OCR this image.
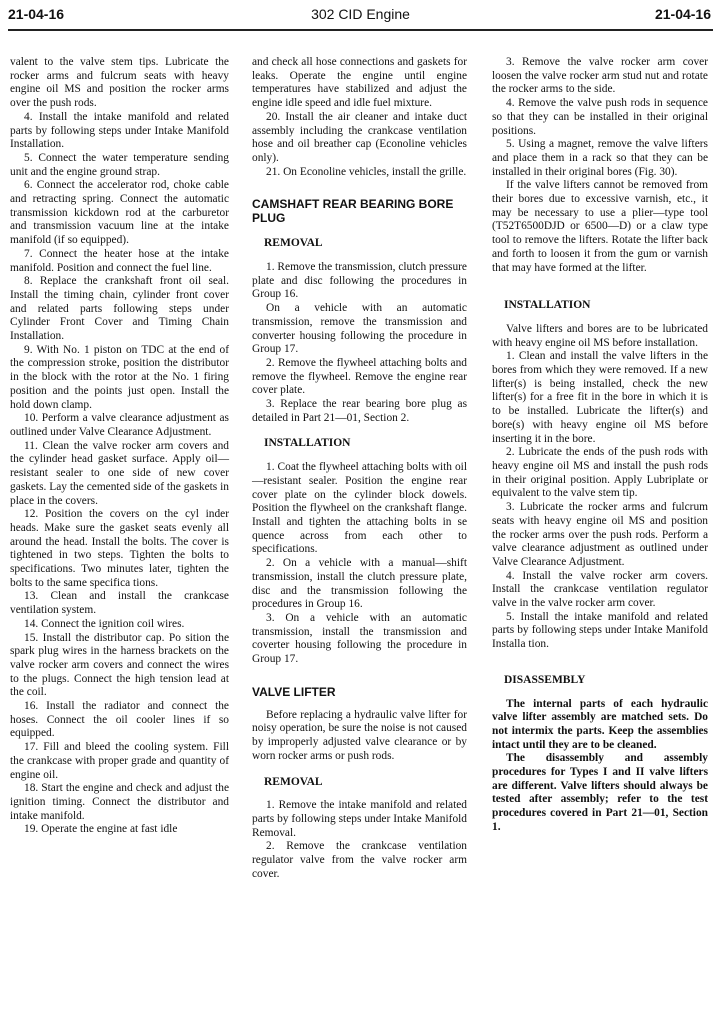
21-04-16	302 CID Engine	21-04-16

valent to the valve stem tips. Lubricate the rocker arms and fulcrum seats with heavy engine oil MS and position the rocker arms over the push rods.

4. Install the intake manifold and related parts by following steps under Intake Manifold Installation.

5. Connect the water temperature sending unit and the engine ground strap.

6. Connect the accelerator rod, choke cable and retracting spring. Connect the automatic transmission kickdown rod at the carburetor and transmission vacuum line at the intake manifold (if so equipped).

7. Connect the heater hose at the intake manifold. Position and connect the fuel line.

8. Replace the crankshaft front oil seal. Install the timing chain, cylinder front cover and related parts following steps under Cylinder Front Cover and Timing Chain Installation.

9. With No. 1 piston on TDC at the end of the compression stroke, position the distributor in the block with the rotor at the No. 1 firing position and the points just open. Install the hold down clamp.

10. Perform a valve clearance adjustment as outlined under Valve Clearance Adjustment.

11. Clean the valve rocker arm covers and the cylinder head gasket surface. Apply oil—resistant sealer to one side of new cover gaskets. Lay the cemented side of the gaskets in place in the covers.

12. Position the covers on the cyl inder heads. Make sure the gasket seats evenly all around the head. Install the bolts. The cover is tightened in two steps. Tighten the bolts to specifications. Two minutes later, tighten the bolts to the same specifica tions.

13. Clean and install the crankcase ventilation system.

14. Connect the ignition coil wires.

15. Install the distributor cap. Po sition the spark plug wires in the harness brackets on the valve rocker arm covers and connect the wires to the plugs. Connect the high tension lead at the coil.

16. Install the radiator and connect the hoses. Connect the oil cooler lines if so equipped.

17. Fill and bleed the cooling system. Fill the crankcase with proper grade and quantity of engine oil.

18. Start the engine and check and adjust the ignition timing. Connect the distributor and intake manifold.

19. Operate the engine at fast idle

and check all hose connections and gaskets for leaks. Operate the engine until engine temperatures have stabilized and adjust the engine idle speed and idle fuel mixture.

20. Install the air cleaner and intake duct assembly including the crankcase ventilation hose and oil breather cap (Econoline vehicles only).

21. On Econoline vehicles, install the grille.

CAMSHAFT REAR BEARING BORE PLUG

REMOVAL

1. Remove the transmission, clutch pressure plate and disc following the procedures in Group 16.

On a vehicle with an automatic transmission, remove the transmission and converter housing following the procedure in Group 17.

2. Remove the flywheel attaching bolts and remove the flywheel. Remove the engine rear cover plate.

3. Replace the rear bearing bore plug as detailed in Part 21—01, Section 2.

INSTALLATION

1. Coat the flywheel attaching bolts with oil—resistant sealer. Position the engine rear cover plate on the cylinder block dowels. Position the flywheel on the crankshaft flange. Install and tighten the attaching bolts in se quence across from each other to specifications.

2. On a vehicle with a manual—shift transmission, install the clutch pressure plate, disc and the transmission following the procedures in Group 16.

3. On a vehicle with an automatic transmission, install the transmission and coverter housing following the procedure in Group 17.

VALVE LIFTER

Before replacing a hydraulic valve lifter for noisy operation, be sure the noise is not caused by improperly adjusted valve clearance or by worn rocker arms or push rods.

REMOVAL

1. Remove the intake manifold and related parts by following steps under Intake Manifold Removal.

2. Remove the crankcase ventilation regulator valve from the valve rocker arm cover.

3. Remove the valve rocker arm cover loosen the valve rocker arm stud nut and rotate the rocker arms to the side.

4. Remove the valve push rods in sequence so that they can be installed in their original positions.

5. Using a magnet, remove the valve lifters and place them in a rack so that they can be installed in their original bores (Fig. 30).

If the valve lifters cannot be removed from their bores due to excessive varnish, etc., it may be necessary to use a plier—type tool (T52T6500DJD or 6500—D) or a claw type tool to remove the lifters. Rotate the lifter back and forth to loosen it from the gum or varnish that may have formed at the lifter.

INSTALLATION

Valve lifters and bores are to be lubricated with heavy engine oil MS before installation.

1. Clean and install the valve lifters in the bores from which they were removed. If a new lifter(s) is being installed, check the new lifter(s) for a free fit in the bore in which it is to be installed. Lubricate the lifter(s) and bore(s) with heavy engine oil MS before inserting it in the bore.

2. Lubricate the ends of the push rods with heavy engine oil MS and install the push rods in their original position. Apply Lubriplate or equivalent to the valve stem tip.

3. Lubricate the rocker arms and fulcrum seats with heavy engine oil MS and position the rocker arms over the push rods. Perform a valve clearance adjustment as outlined under Valve Clearance Adjustment.

4. Install the valve rocker arm covers. Install the crankcase ventilation regulator valve in the valve rocker arm cover.

5. Install the intake manifold and related parts by following steps under Intake Manifold Installa tion.

DISASSEMBLY

The internal parts of each hydraulic valve lifter assembly are matched sets. Do not intermix the parts. Keep the assemblies intact until they are to be cleaned.

The disassembly and assembly procedures for Types I and II valve lifters are different. Valve lifters should always be tested after assembly; refer to the test procedures covered in Part 21—01, Section 1.
